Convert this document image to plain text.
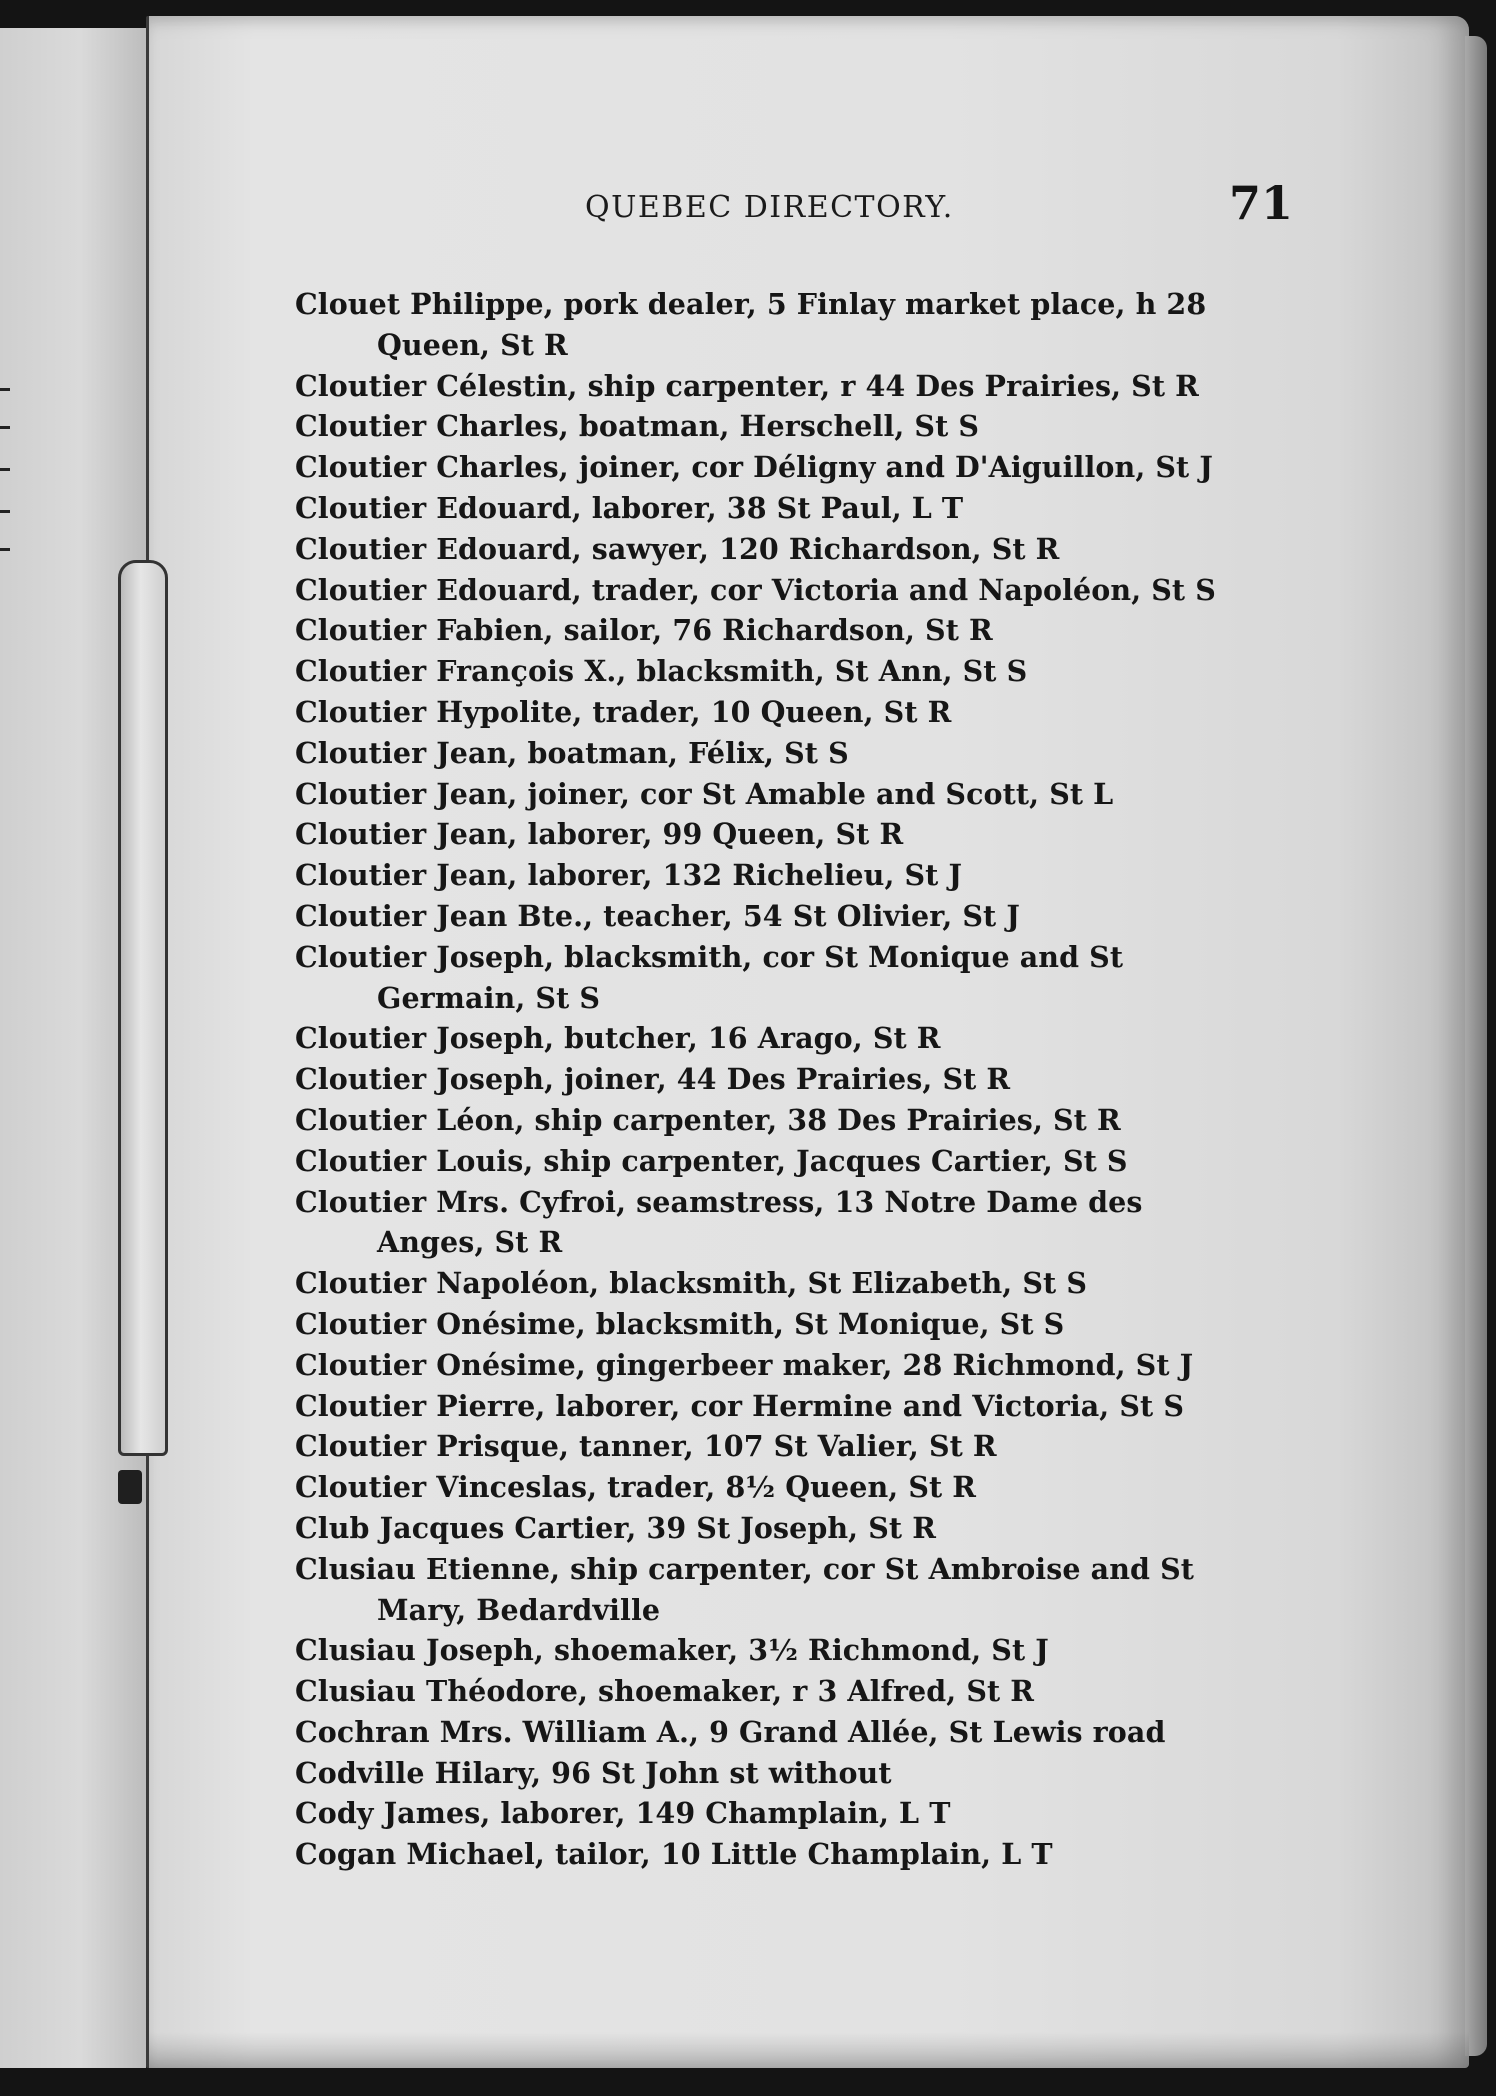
QUEBEC DIRECTORY.	71
Clouet Philippe, pork dealer, 5 Finlay market place, h 28
Queen, St R
Cloutier Célestin, ship carpenter, r 44 Des Prairies, St R
Cloutier Charles, boatman, Herschell, St S
Cloutier Charles, joiner, cor Déligny and D'Aiguillon, St J
Cloutier Edouard, laborer, 38 St Paul, L T
Cloutier Edouard, sawyer, 120 Richardson, St R
Cloutier Edouard, trader, cor Victoria and Napoléon, St S
Cloutier Fabien, sailor, 76 Richardson, St R
Cloutier François X., blacksmith, St Ann, St S
Cloutier Hypolite, trader, 10 Queen, St R
Cloutier Jean, boatman, Félix, St S
Cloutier Jean, joiner, cor St Amable and Scott, St L
Cloutier Jean, laborer, 99 Queen, St R
Cloutier Jean, laborer, 132 Richelieu, St J
Cloutier Jean Bte., teacher, 54 St Olivier, St J
Cloutier Joseph, blacksmith, cor St Monique and St
Germain, St S
Cloutier Joseph, butcher, 16 Arago, St R
Cloutier Joseph, joiner, 44 Des Prairies, St R
Cloutier Léon, ship carpenter, 38 Des Prairies, St R
Cloutier Louis, ship carpenter, Jacques Cartier, St S
Cloutier Mrs. Cyfroi, seamstress, 13 Notre Dame des
Anges, St R
Cloutier Napoléon, blacksmith, St Elizabeth, St S
Cloutier Onésime, blacksmith, St Monique, St S
Cloutier Onésime, gingerbeer maker, 28 Richmond, St J
Cloutier Pierre, laborer, cor Hermine and Victoria, St S
Cloutier Prisque, tanner, 107 St Valier, St R
Cloutier Vinceslas, trader, 8½ Queen, St R
Club Jacques Cartier, 39 St Joseph, St R
Clusiau Etienne, ship carpenter, cor St Ambroise and St
Mary, Bedardville
Clusiau Joseph, shoemaker, 3½ Richmond, St J
Clusiau Théodore, shoemaker, r 3 Alfred, St R
Cochran Mrs. William A., 9 Grand Allée, St Lewis road
Codville Hilary, 96 St John st without
Cody James, laborer, 149 Champlain, L T
Cogan Michael, tailor, 10 Little Champlain, L T
